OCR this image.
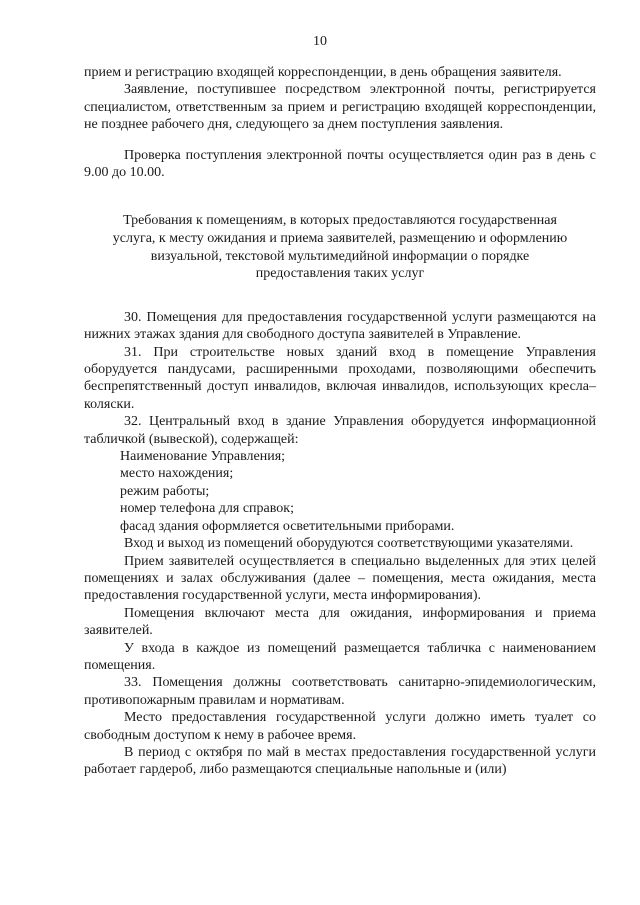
10

прием и регистрацию входящей корреспонденции, в день обращения заявителя.

Заявление, поступившее посредством электронной почты, регистрируется специалистом, ответственным за прием и регистрацию входящей корреспонденции, не позднее рабочего дня, следующего за днем поступления заявления.

Проверка поступления электронной почты осуществляется один раз в день с 9.00 до 10.00.

Требования к помещениям, в которых предоставляются государственная услуга, к месту ожидания и приема заявителей, размещению и оформлению визуальной, текстовой мультимедийной информации о порядке предоставления таких услуг

30. Помещения для предоставления государственной услуги размещаются на нижних этажах здания для свободного доступа заявителей в Управление.

31. При строительстве новых зданий вход в помещение Управления оборудуется пандусами, расширенными проходами, позволяющими обеспечить беспрепятственный доступ инвалидов, включая инвалидов, использующих кресла–коляски.

32. Центральный вход в здание Управления оборудуется информационной табличкой (вывеской), содержащей:

Наименование Управления;

место нахождения;

режим работы;

номер телефона для справок;

фасад здания оформляется осветительными приборами.

Вход и выход из помещений оборудуются соответствующими указателями.

Прием заявителей осуществляется в специально выделенных для этих целей помещениях и залах обслуживания (далее – помещения, места ожидания, места предоставления государственной услуги, места информирования).

Помещения включают места для ожидания, информирования и приема заявителей.

У входа в каждое из помещений размещается табличка с наименованием помещения.

33. Помещения должны соответствовать санитарно-эпидемиологическим, противопожарным правилам и нормативам.

Место предоставления государственной услуги должно иметь туалет со свободным доступом к нему в рабочее время.

В период с октября по май в местах предоставления государственной услуги работает гардероб, либо размещаются специальные напольные и (или)
